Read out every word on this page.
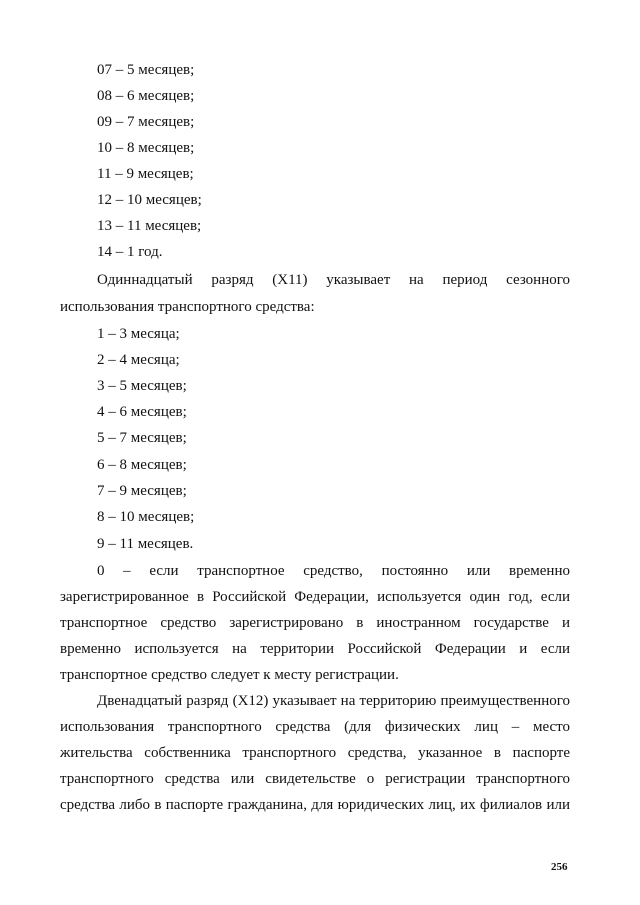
07 – 5 месяцев;
08 – 6 месяцев;
09 – 7 месяцев;
10 – 8 месяцев;
11 – 9 месяцев;
12 – 10 месяцев;
13 – 11 месяцев;
14 – 1 год.
Одиннадцатый разряд (X11) указывает на период сезонного
использования транспортного средства:
1 – 3 месяца;
2 – 4 месяца;
3 – 5 месяцев;
4 – 6 месяцев;
5 – 7 месяцев;
6 – 8 месяцев;
7 – 9 месяцев;
8 – 10 месяцев;
9 – 11 месяцев.
0 – если транспортное средство, постоянно или временно
зарегистрированное в Российской Федерации, используется один год, если
транспортное средство зарегистрировано в иностранном государстве и
временно используется на территории Российской Федерации и если
транспортное средство следует к месту регистрации.
Двенадцатый разряд (X12) указывает на территорию преимущественного
использования транспортного средства (для физических лиц – место
жительства собственника транспортного средства, указанное в паспорте
транспортного средства или свидетельстве о регистрации транспортного
средства либо в паспорте гражданина, для юридических лиц, их филиалов или
256
